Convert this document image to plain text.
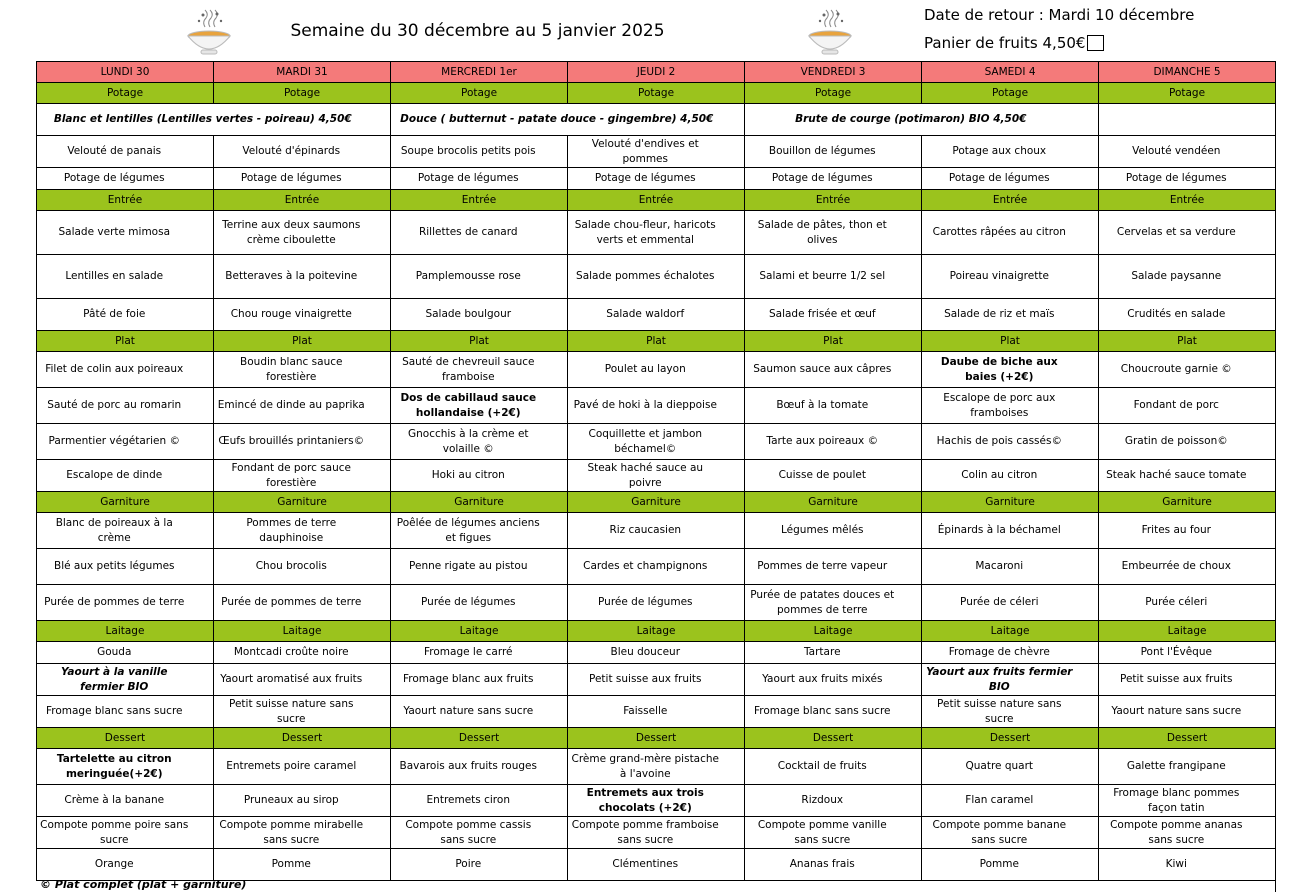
Semaine du 30 décembre au 5 janvier 2025
Date de retour : Mardi 10 décembre
Panier de fruits 4,50€
LUNDI 30		MARDI 31		MERCREDI 1er		JEUDI 2		VENDREDI 3		SAMEDI 4		DIMANCHE 5	
Potage		Potage		Potage		Potage		Potage		Potage		Potage	
Blanc et lentilles (Lentilles vertes - poireau) 4,50€				Douce ( butternut - patate douce - gingembre) 4,50€				Brute de courge (potimaron) BIO 4,50€					
Velouté de panais		Velouté d'épinards		Soupe brocolis petits pois		Velouté d'endives et pommes		Bouillon de légumes		Potage aux choux		Velouté vendéen	
Potage de légumes		Potage de légumes		Potage de légumes		Potage de légumes		Potage de légumes		Potage de légumes		Potage de légumes	
Entrée		Entrée		Entrée		Entrée		Entrée		Entrée		Entrée	
Salade verte mimosa		Terrine aux deux saumons crème ciboulette		Rillettes de canard		Salade chou-fleur, haricots verts et emmental		Salade de pâtes, thon et olives		Carottes râpées au citron		Cervelas et sa verdure	
Lentilles en salade		Betteraves à la poitevine		Pamplemousse rose		Salade pommes échalotes		Salami et beurre 1/2 sel		Poireau vinaigrette		Salade paysanne	
Pâté de foie		Chou rouge vinaigrette		Salade boulgour		Salade waldorf		Salade frisée et œuf		Salade de riz et maïs		Crudités en salade	
Plat		Plat		Plat		Plat		Plat		Plat		Plat	
Filet de colin aux poireaux		Boudin blanc sauce forestière		Sauté de chevreuil sauce framboise		Poulet au layon		Saumon sauce aux câpres		Daube de biche aux baies (+2€)		Choucroute garnie ©	
Sauté de porc au romarin		Emincé de dinde au paprika		Dos de cabillaud sauce hollandaise (+2€)		Pavé de hoki à la dieppoise		Bœuf à la tomate		Escalope de porc aux framboises		Fondant de porc	
Parmentier végétarien ©		Œufs brouillés printaniers©		Gnocchis à la crème et volaille ©		Coquillette et jambon béchamel©		Tarte aux poireaux ©		Hachis de pois cassés©		Gratin de poisson©	
Escalope de dinde		Fondant de porc sauce forestière		Hoki au citron		Steak haché sauce au poivre		Cuisse de poulet		Colin au citron		Steak haché sauce tomate	
Garniture		Garniture		Garniture		Garniture		Garniture		Garniture		Garniture	
Blanc de poireaux à la crème		Pommes de terre dauphinoise		Poêlée de légumes anciens et figues		Riz caucasien		Légumes mêlés		Épinards à la béchamel		Frites au four	
Blé aux petits légumes		Chou brocolis		Penne rigate au pistou		Cardes et champignons		Pommes de terre vapeur		Macaroni		Embeurrée de choux	
Purée de pommes de terre		Purée de pommes de terre		Purée de légumes		Purée de légumes		Purée de patates douces et pommes de terre		Purée de céleri		Purée céleri	
Laitage		Laitage		Laitage		Laitage		Laitage		Laitage		Laitage	
Gouda		Montcadi croûte noire		Fromage le carré		Bleu douceur		Tartare		Fromage de chèvre		Pont l'Évêque	
Yaourt à la vanille fermier BIO		Yaourt aromatisé aux fruits		Fromage blanc aux fruits		Petit suisse aux fruits		Yaourt aux fruits mixés		Yaourt aux fruits fermier BIO		Petit suisse aux fruits	
Fromage blanc sans sucre		Petit suisse nature sans sucre		Yaourt nature sans sucre		Faisselle		Fromage blanc sans sucre		Petit suisse nature sans sucre		Yaourt nature sans sucre	
Dessert		Dessert		Dessert		Dessert		Dessert		Dessert		Dessert	
Tartelette au citron meringuée(+2€)		Entremets poire caramel		Bavarois aux fruits rouges		Crème grand-mère pistache à l'avoine		Cocktail de fruits		Quatre quart		Galette frangipane	
Crème à la banane		Pruneaux au sirop		Entremets ciron		Entremets aux trois chocolats (+2€)		Rizdoux		Flan caramel		Fromage blanc pommes façon tatin	
Compote pomme poire sans sucre		Compote pomme mirabelle sans sucre		Compote pomme cassis sans sucre		Compote pomme framboise sans sucre		Compote pomme vanille sans sucre		Compote pomme banane sans sucre		Compote pomme ananas sans sucre	
Orange		Pomme		Poire		Clémentines		Ananas frais		Pomme		Kiwi	
© Plat complet (plat + garniture)
